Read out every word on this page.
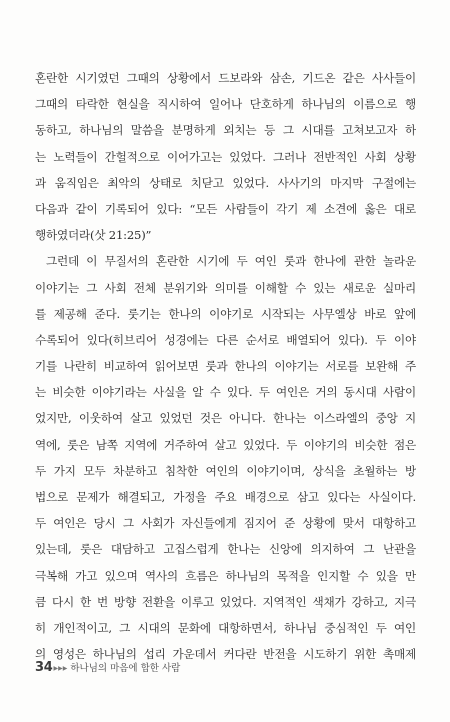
혼란한 시기였던 그때의 상황에서 드보라와 삼손, 기드온 같은 사사들이
그때의 타락한 현실을 직시하여 일어나 단호하게 하나님의 이름으로 행
동하고, 하나님의 말씀을 분명하게 외치는 등 그 시대를 고쳐보고자 하
는 노력들이 간헐적으로 이어가고는 있었다. 그러나 전반적인 사회 상황
과 움직임은 최악의 상태로 치닫고 있었다. 사사기의 마지막 구절에는
다음과 같이 기록되어 있다: “모든 사람들이 각기 제 소견에 옳은 대로
행하였더라(삿 21:25)”
그런데 이 무질서의 혼란한 시기에 두 여인 룻과 한나에 관한 놀라운
이야기는 그 사회 전체 분위기와 의미를 이해할 수 있는 새로운 실마리
를 제공해 준다. 룻기는 한나의 이야기로 시작되는 사무엘상 바로 앞에
수록되어 있다(히브리어 성경에는 다른 순서로 배열되어 있다). 두 이야
기를 나란히 비교하여 읽어보면 룻과 한나의 이야기는 서로를 보완해 주
는 비슷한 이야기라는 사실을 알 수 있다. 두 여인은 거의 동시대 사람이
었지만, 이웃하여 살고 있었던 것은 아니다. 한나는 이스라엘의 중앙 지
역에, 룻은 남쪽 지역에 거주하여 살고 있었다. 두 이야기의 비슷한 점은
두 가지 모두 차분하고 침착한 여인의 이야기이며, 상식을 초월하는 방
법으로 문제가 해결되고, 가정을 주요 배경으로 삼고 있다는 사실이다.
두 여인은 당시 그 사회가 자신들에게 짐지어 준 상황에 맞서 대항하고
있는데, 룻은 대담하고 고집스럽게 한나는 신앙에 의지하여 그 난관을
극복해 가고 있으며 역사의 흐름은 하나님의 목적을 인지할 수 있을 만
큼 다시 한 번 방향 전환을 이루고 있었다. 지역적인 색채가 강하고, 지극
히 개인적이고, 그 시대의 문화에 대항하면서, 하나님 중심적인 두 여인
의 영성은 하나님의 섭리 가운데서 커다란 반전을 시도하기 위한 촉매제
34 ▶▶▶ 하나님의 마음에 합한 사람
